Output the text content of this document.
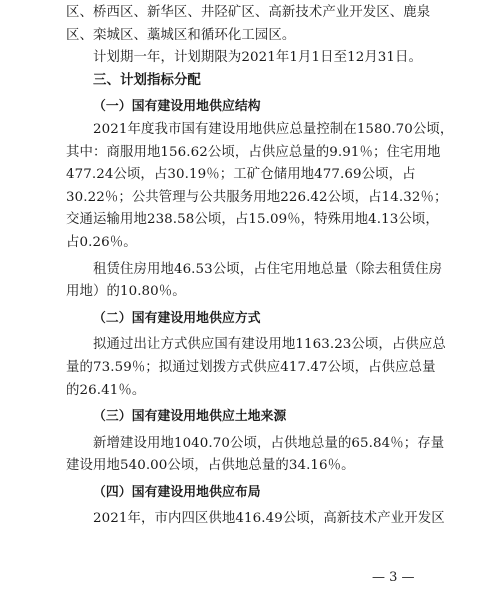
区、桥西区、新华区、井陉矿区、高新技术产业开发区、鹿泉
区、栾城区、藁城区和循环化工园区。
计划期一年，计划期限为2021年1月1日至12月31日。
三、计划指标分配
（一）国有建设用地供应结构
2021年度我市国有建设用地供应总量控制在1580.70公顷，
其中：商服用地156.62公顷，占供应总量的9.91％；住宅用地
477.24公顷，占30.19％；工矿仓储用地477.69公顷，占
30.22％；公共管理与公共服务用地226.42公顷，占14.32％；
交通运输用地238.58公顷，占15.09％，特殊用地4.13公顷，
占0.26％。
租赁住房用地46.53公顷，占住宅用地总量（除去租赁住房
用地）的10.80％。
（二）国有建设用地供应方式
拟通过出让方式供应国有建设用地1163.23公顷，占供应总
量的73.59％；拟通过划拨方式供应417.47公顷，占供应总量
的26.41％。
（三）国有建设用地供应土地来源
新增建设用地1040.70公顷，占供地总量的65.84％；存量
建设用地540.00公顷，占供地总量的34.16％。
（四）国有建设用地供应布局
2021年，市内四区供地416.49公顷，高新技术产业开发区
— 3 —
